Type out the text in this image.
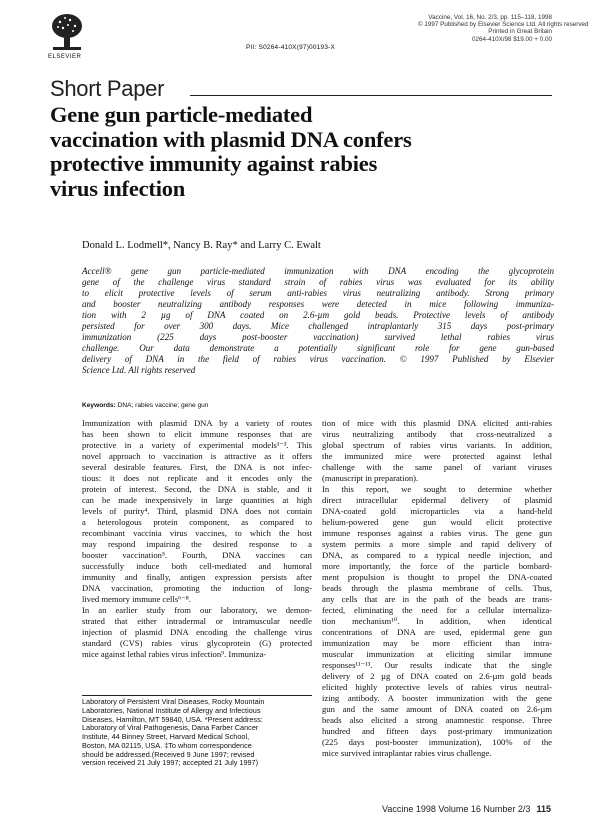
ELSEVIER
PII: S0264-410X(97)00193-X
Vaccine, Vol. 16, No. 2/3, pp. 115–118, 1998
© 1997 Published by Elsevier Science Ltd. All rights reserved
Printed in Great Britain
0264-410X/98 $19.00 + 0.00
Short Paper
Gene gun particle-mediated
vaccination with plasmid DNA confers
protective immunity against rabies
virus infection
Donald L. Lodmell*, Nancy B. Ray* and Larry C. Ewalt
Accell® gene gun particle-mediated immunization with DNA encoding the glycoprotein
gene of the challenge virus standard strain of rabies virus was evaluated for its ability
to elicit protective levels of serum anti-rabies virus neutralizing antibody. Strong primary
and booster neutralizing antibody responses were detected in mice following immuniza-
tion with 2 µg of DNA coated on 2.6-µm gold beads. Protective levels of antibody
persisted for over 300 days. Mice challenged intraplantarly 315 days post-primary
immunization (225 days post-booster vaccination) survived lethal rabies virus
challenge. Our data demonstrate a potentially significant role for gene gun-based
delivery of DNA in the field of rabies virus vaccination. © 1997 Published by Elsevier
Science Ltd. All rights reserved
Keywords: DNA; rabies vaccine; gene gun
Immunization with plasmid DNA by a variety of routes
has been shown to elicit immune responses that are
protective in a variety of experimental models¹⁻³. This
novel approach to vaccination is attractive as it offers
several desirable features. First, the DNA is not infec-
tious: it does not replicate and it encodes only the
protein of interest. Second, the DNA is stable, and it
can be made inexpensively in large quantities at high
levels of purity⁴. Third, plasmid DNA does not contain
a heterologous protein component, as compared to
recombinant vaccinia virus vaccines, to which the host
may respond impairing the desired response to a
booster vaccination⁵. Fourth, DNA vaccines can
successfully induce both cell-mediated and humoral
immunity and finally, antigen expression persists after
DNA vaccination, promoting the induction of long-
lived memory immune cells⁶⁻⁸.
In an earlier study from our laboratory, we demon-
strated that either intradermal or intramuscular needle
injection of plasmid DNA encoding the challenge virus
standard (CVS) rabies virus glycoprotein (G) protected
mice against lethal rabies virus infection⁹. Immuniza-
Laboratory of Persistent Viral Diseases, Rocky Mountain
Laboratories, National Institute of Allergy and Infectious
Diseases, Hamilton, MT 59840, USA. *Present address:
Laboratory of Viral Pathogenesis, Dana Farber Cancer
Institute, 44 Binney Street, Harvard Medical School,
Boston, MA 02115, USA. ‡To whom correspondence
should be addressed.(Received 9 June 1997; revised
version received 21 July 1997; accepted 21 July 1997)
tion of mice with this plasmid DNA elicited anti-rabies
virus neutralizing antibody that cross-neutralized a
global spectrum of rabies virus variants. In addition,
the immunized mice were protected against lethal
challenge with the same panel of variant viruses
(manuscript in preparation).
In this report, we sought to determine whether
direct intracellular epidermal delivery of plasmid
DNA-coated gold microparticles via a hand-held
helium-powered gene gun would elicit protective
immune responses against a rabies virus. The gene gun
system permits a more simple and rapid delivery of
DNA, as compared to a typical needle injection, and
more importantly, the force of the particle bombard-
ment propulsion is thought to propel the DNA-coated
beads through the plasma membrane of cells. Thus,
any cells that are in the path of the beads are trans-
fected, eliminating the need for a cellular internaliza-
tion mechanism¹⁰. In addition, when identical
concentrations of DNA are used, epidermal gene gun
immunization may be more efficient than intra-
muscular immunization at eliciting similar immune
responses¹¹⁻¹³. Our results indicate that the single
delivery of 2 µg of DNA coated on 2.6-µm gold beads
elicited highly protective levels of rabies virus neutral-
izing antibody. A booster immunization with the gene
gun and the same amount of DNA coated on 2.6-µm
beads also elicited a strong anamnestic response. Three
hundred and fifteen days post-primary immunization
(225 days post-booster immunization), 100% of the
mice survived intraplantar rabies virus challenge.
Vaccine 1998 Volume 16 Number 2/3 115
